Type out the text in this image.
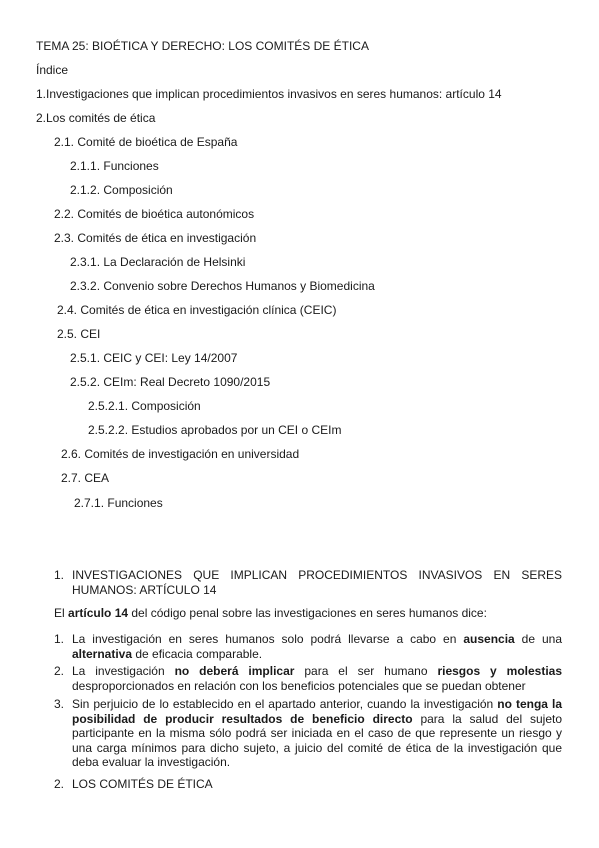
TEMA 25: BIOÉTICA Y DERECHO: LOS COMITÉS DE ÉTICA
Índice
1.Investigaciones que implican procedimientos invasivos en seres humanos: artículo 14
2.Los comités de ética
2.1. Comité de bioética de España
2.1.1. Funciones
2.1.2. Composición
2.2. Comités de bioética autonómicos
2.3. Comités de ética en investigación
2.3.1. La Declaración de Helsinki
2.3.2. Convenio sobre Derechos Humanos y Biomedicina
2.4. Comités de ética en investigación clínica (CEIC)
2.5. CEI
2.5.1. CEIC y CEI: Ley 14/2007
2.5.2. CEIm: Real Decreto 1090/2015
2.5.2.1. Composición
2.5.2.2. Estudios aprobados por un CEI o CEIm
2.6. Comités de investigación en universidad
2.7. CEA
2.7.1. Funciones
1. INVESTIGACIONES QUE IMPLICAN PROCEDIMIENTOS INVASIVOS EN SERES HUMANOS: ARTÍCULO 14
El artículo 14 del código penal sobre las investigaciones en seres humanos dice:
1. La investigación en seres humanos solo podrá llevarse a cabo en ausencia de una alternativa de eficacia comparable.
2. La investigación no deberá implicar para el ser humano riesgos y molestias desproporcionados en relación con los beneficios potenciales que se puedan obtener
3. Sin perjuicio de lo establecido en el apartado anterior, cuando la investigación no tenga la posibilidad de producir resultados de beneficio directo para la salud del sujeto participante en la misma sólo podrá ser iniciada en el caso de que represente un riesgo y una carga mínimos para dicho sujeto, a juicio del comité de ética de la investigación que deba evaluar la investigación.
2. LOS COMITÉS DE ÉTICA
